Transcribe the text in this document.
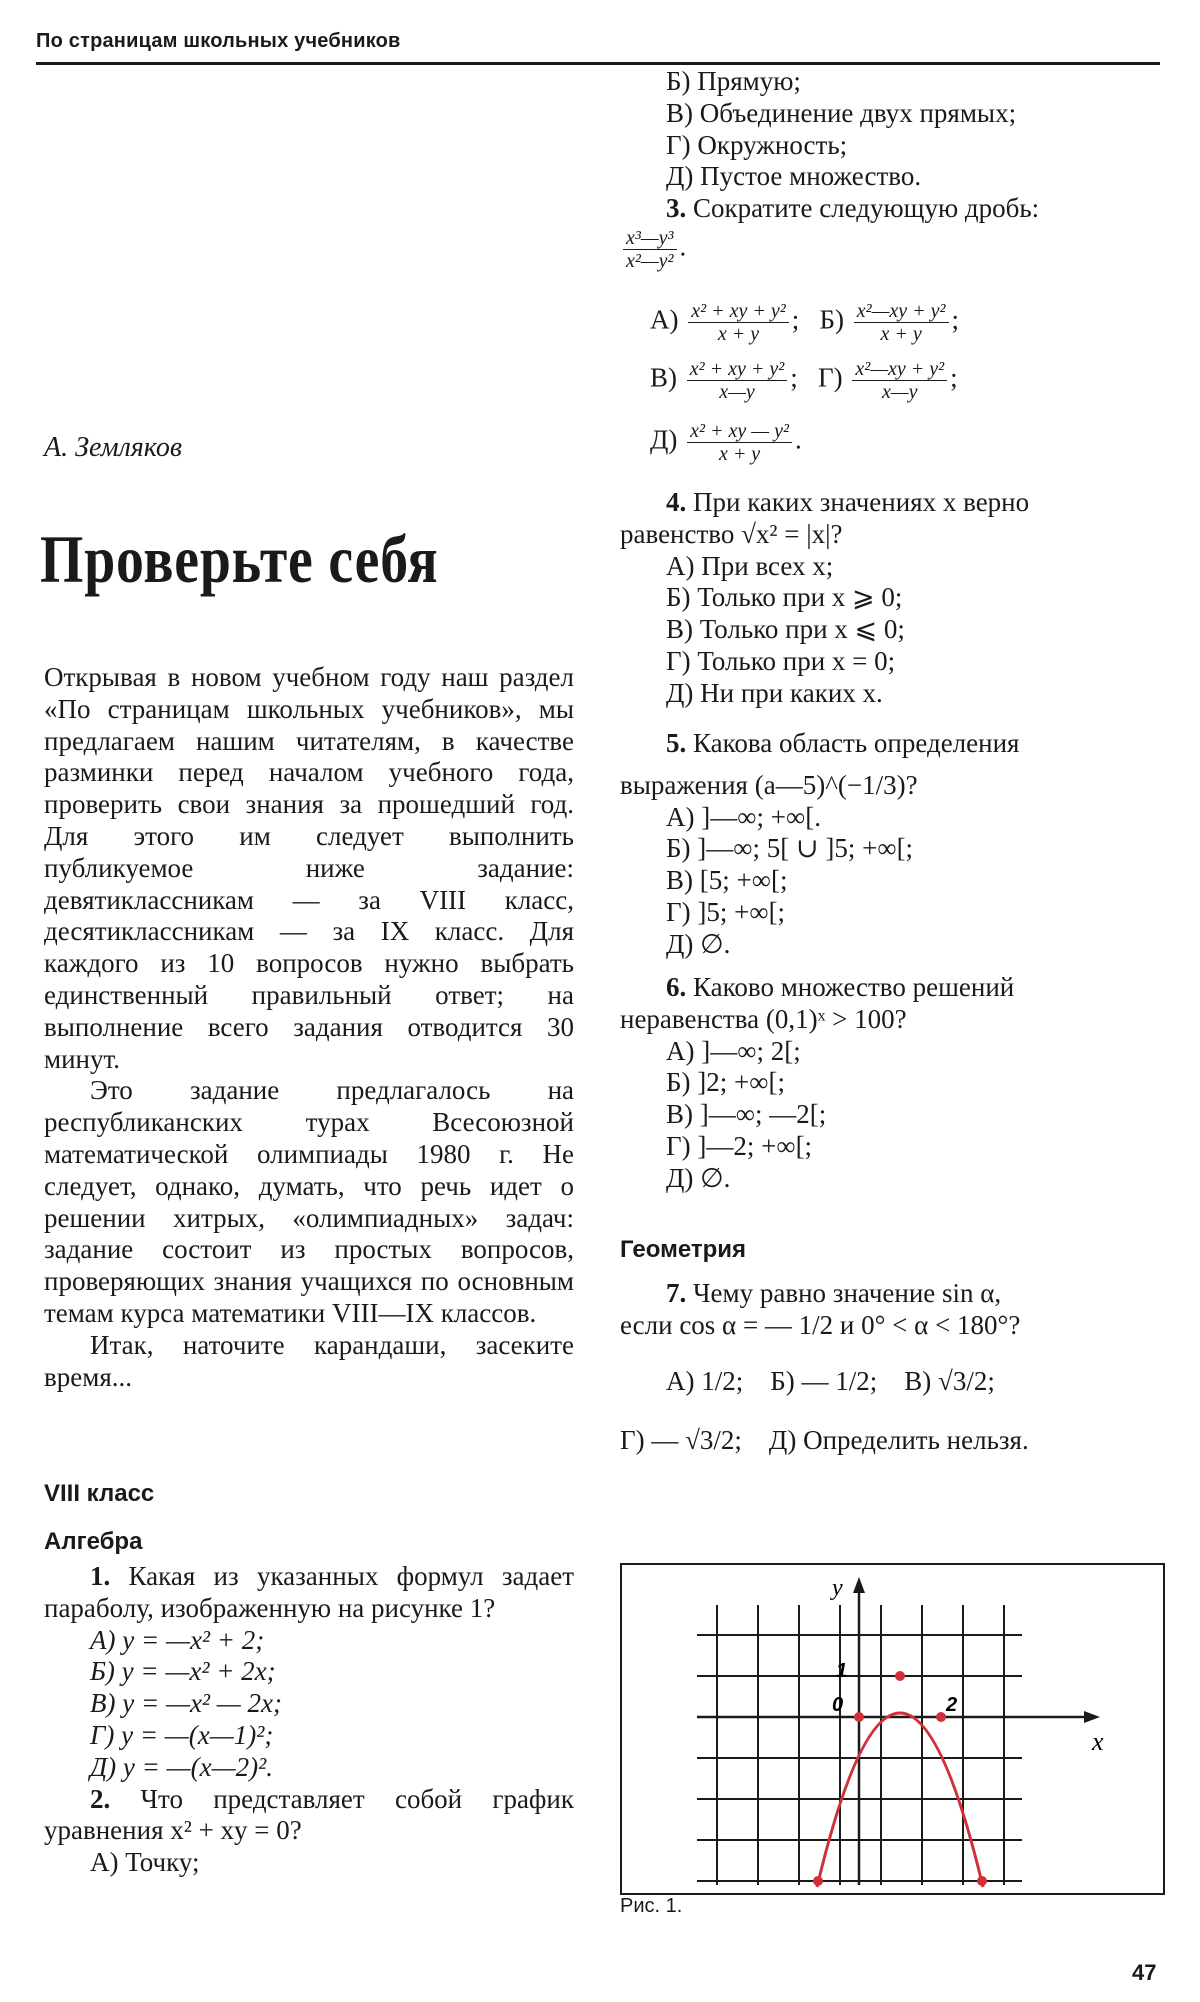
По страницам школьных учебников
А. Земляков
Проверьте себя

Открывая в новом учебном году наш раздел «По страницам школьных учебников», мы предлагаем нашим читателям, в качестве разминки перед началом учебного года, проверить свои знания за прошедший год. Для этого им следует выполнить публикуемое ниже задание: девятиклассникам — за VIII класс, десятиклассникам — за IX класс. Для каждого из 10 вопросов нужно выбрать единственный правильный ответ; на выполнение всего задания отводится 30 минут.

Это задание предлагалось на республиканских турах Всесоюзной математической олимпиады 1980 г. Не следует, однако, думать, что речь идет о решении хитрых, «олимпиадных» задач: задание состоит из простых вопросов, проверяющих знания учащихся по основным темам курса математики VIII—IX классов.

Итак, наточите карандаши, засеките время...

VIII класс
Алгебра
1. Какая из указанных формул задает параболу, изображенную на рисунке 1?
А) y = —x² + 2;
Б) y = —x² + 2x;
В) y = —x² — 2x;
Г) y = —(x—1)²;
Д) y = —(x—2)².
2. Что представляет собой график уравнения x² + xy = 0?
А) Точку;
Б) Прямую;
В) Объединение двух прямых;
Г) Окружность;
Д) Пустое множество.
3. Сократите следующую дробь:
$\frac{\text{x³—y³}}{\text{x²—y²}}$ .
$А) \frac{\text{x² + xy + y²}}{x + y}$ ; $Б) \frac{\text{x²—xy + y²}}{x + y}$ ;
$В) \frac{\text{x² + xy + y²}}{x—y}$ ; $Г) \frac{\text{x²—xy + y²}}{x—y}$ ;
$Д) \frac{\text{x² + xy — y²}}{x + y}$ .
4. При каких значениях x верно
равенство √x² = |x|?
А) При всех x;
Б) Только при x ⩾ 0;
В) Только при x ⩽ 0;
Г) Только при x = 0;
Д) Ни при каких x.
5. Какова область определения
выражения (a—5)^(−1/3)?
А) ]—∞; +∞[.
Б) ]—∞; 5[ ∪ ]5; +∞[;
В) [5; +∞[;
Г) ]5; +∞[;
Д) ∅.
6. Каково множество решений
неравенства (0,1)ˣ > 100?
А) ]—∞; 2[;
Б) ]2; +∞[;
В) ]—∞; —2[;
Г) ]—2; +∞[;
Д) ∅.
Геометрия
7. Чему равно значение sin α,
если cos α = — 1/2 и 0° < α < 180°?
А) 1/2; Б) — 1/2; В) √3/2;
Г) — √3/2; Д) Определить нельзя.
x
y
0
1
2
Рис. 1.
47
